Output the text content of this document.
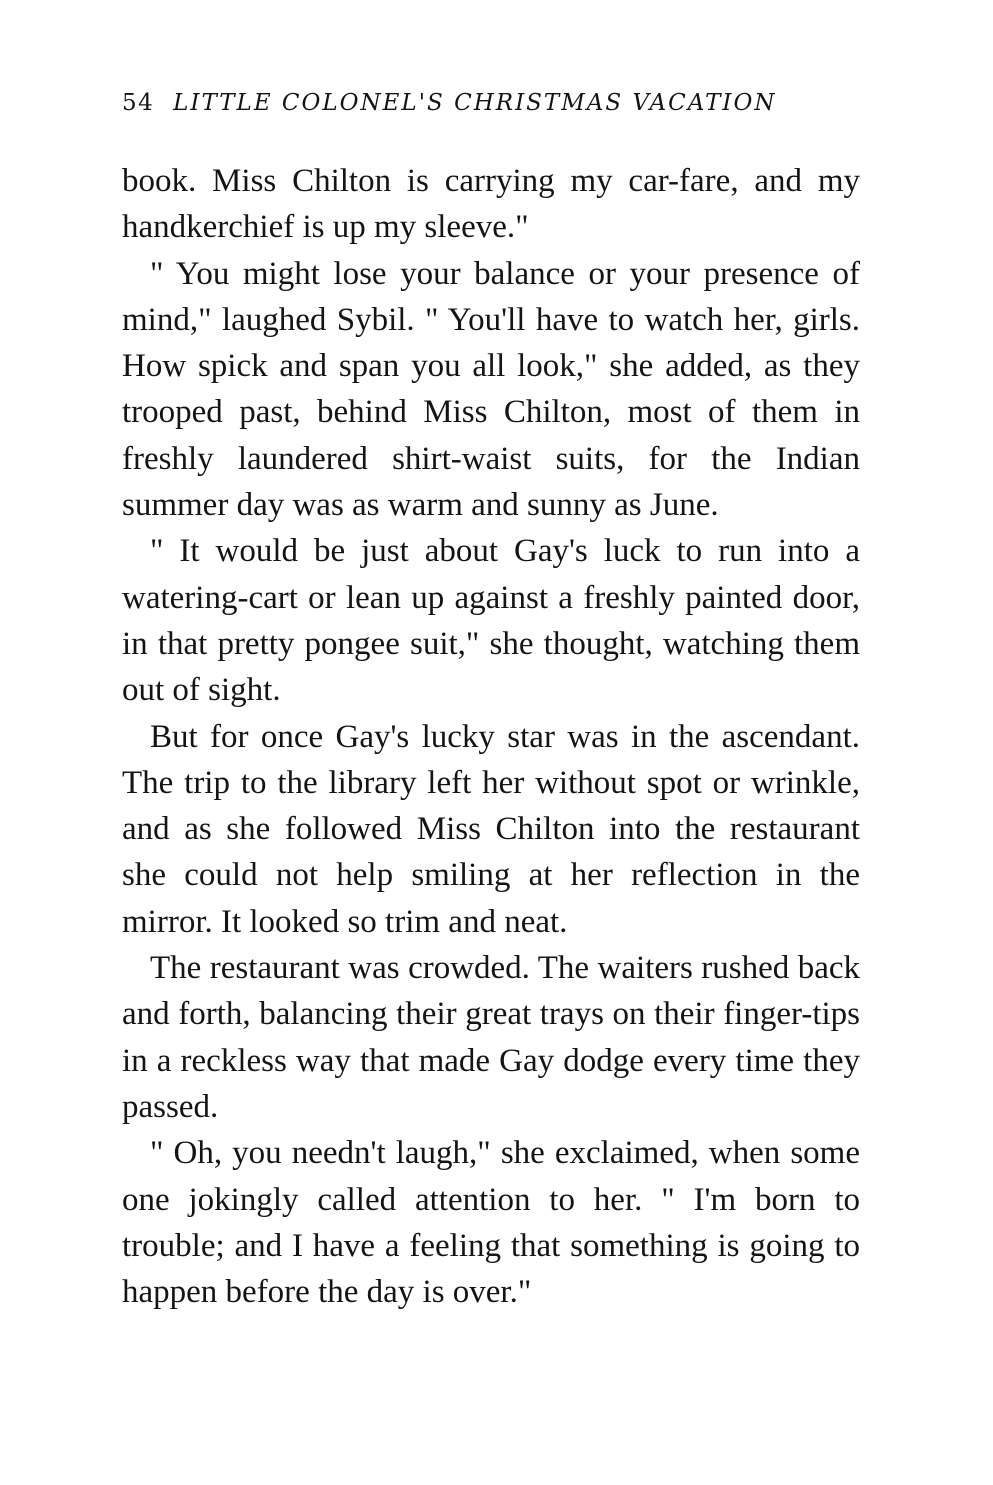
54 LITTLE COLONEL'S CHRISTMAS VACATION

book. Miss Chilton is carrying my car-fare, and my handkerchief is up my sleeve."

" You might lose your balance or your presence of mind," laughed Sybil. " You'll have to watch her, girls. How spick and span you all look," she added, as they trooped past, behind Miss Chilton, most of them in freshly laundered shirt-waist suits, for the Indian summer day was as warm and sunny as June.

" It would be just about Gay's luck to run into a watering-cart or lean up against a freshly painted door, in that pretty pongee suit," she thought, watching them out of sight.

But for once Gay's lucky star was in the ascendant. The trip to the library left her without spot or wrinkle, and as she followed Miss Chilton into the restaurant she could not help smiling at her reflection in the mirror. It looked so trim and neat.

The restaurant was crowded. The waiters rushed back and forth, balancing their great trays on their finger-tips in a reckless way that made Gay dodge every time they passed.

" Oh, you needn't laugh," she exclaimed, when some one jokingly called attention to her. " I'm born to trouble; and I have a feeling that something is going to happen before the day is over."
